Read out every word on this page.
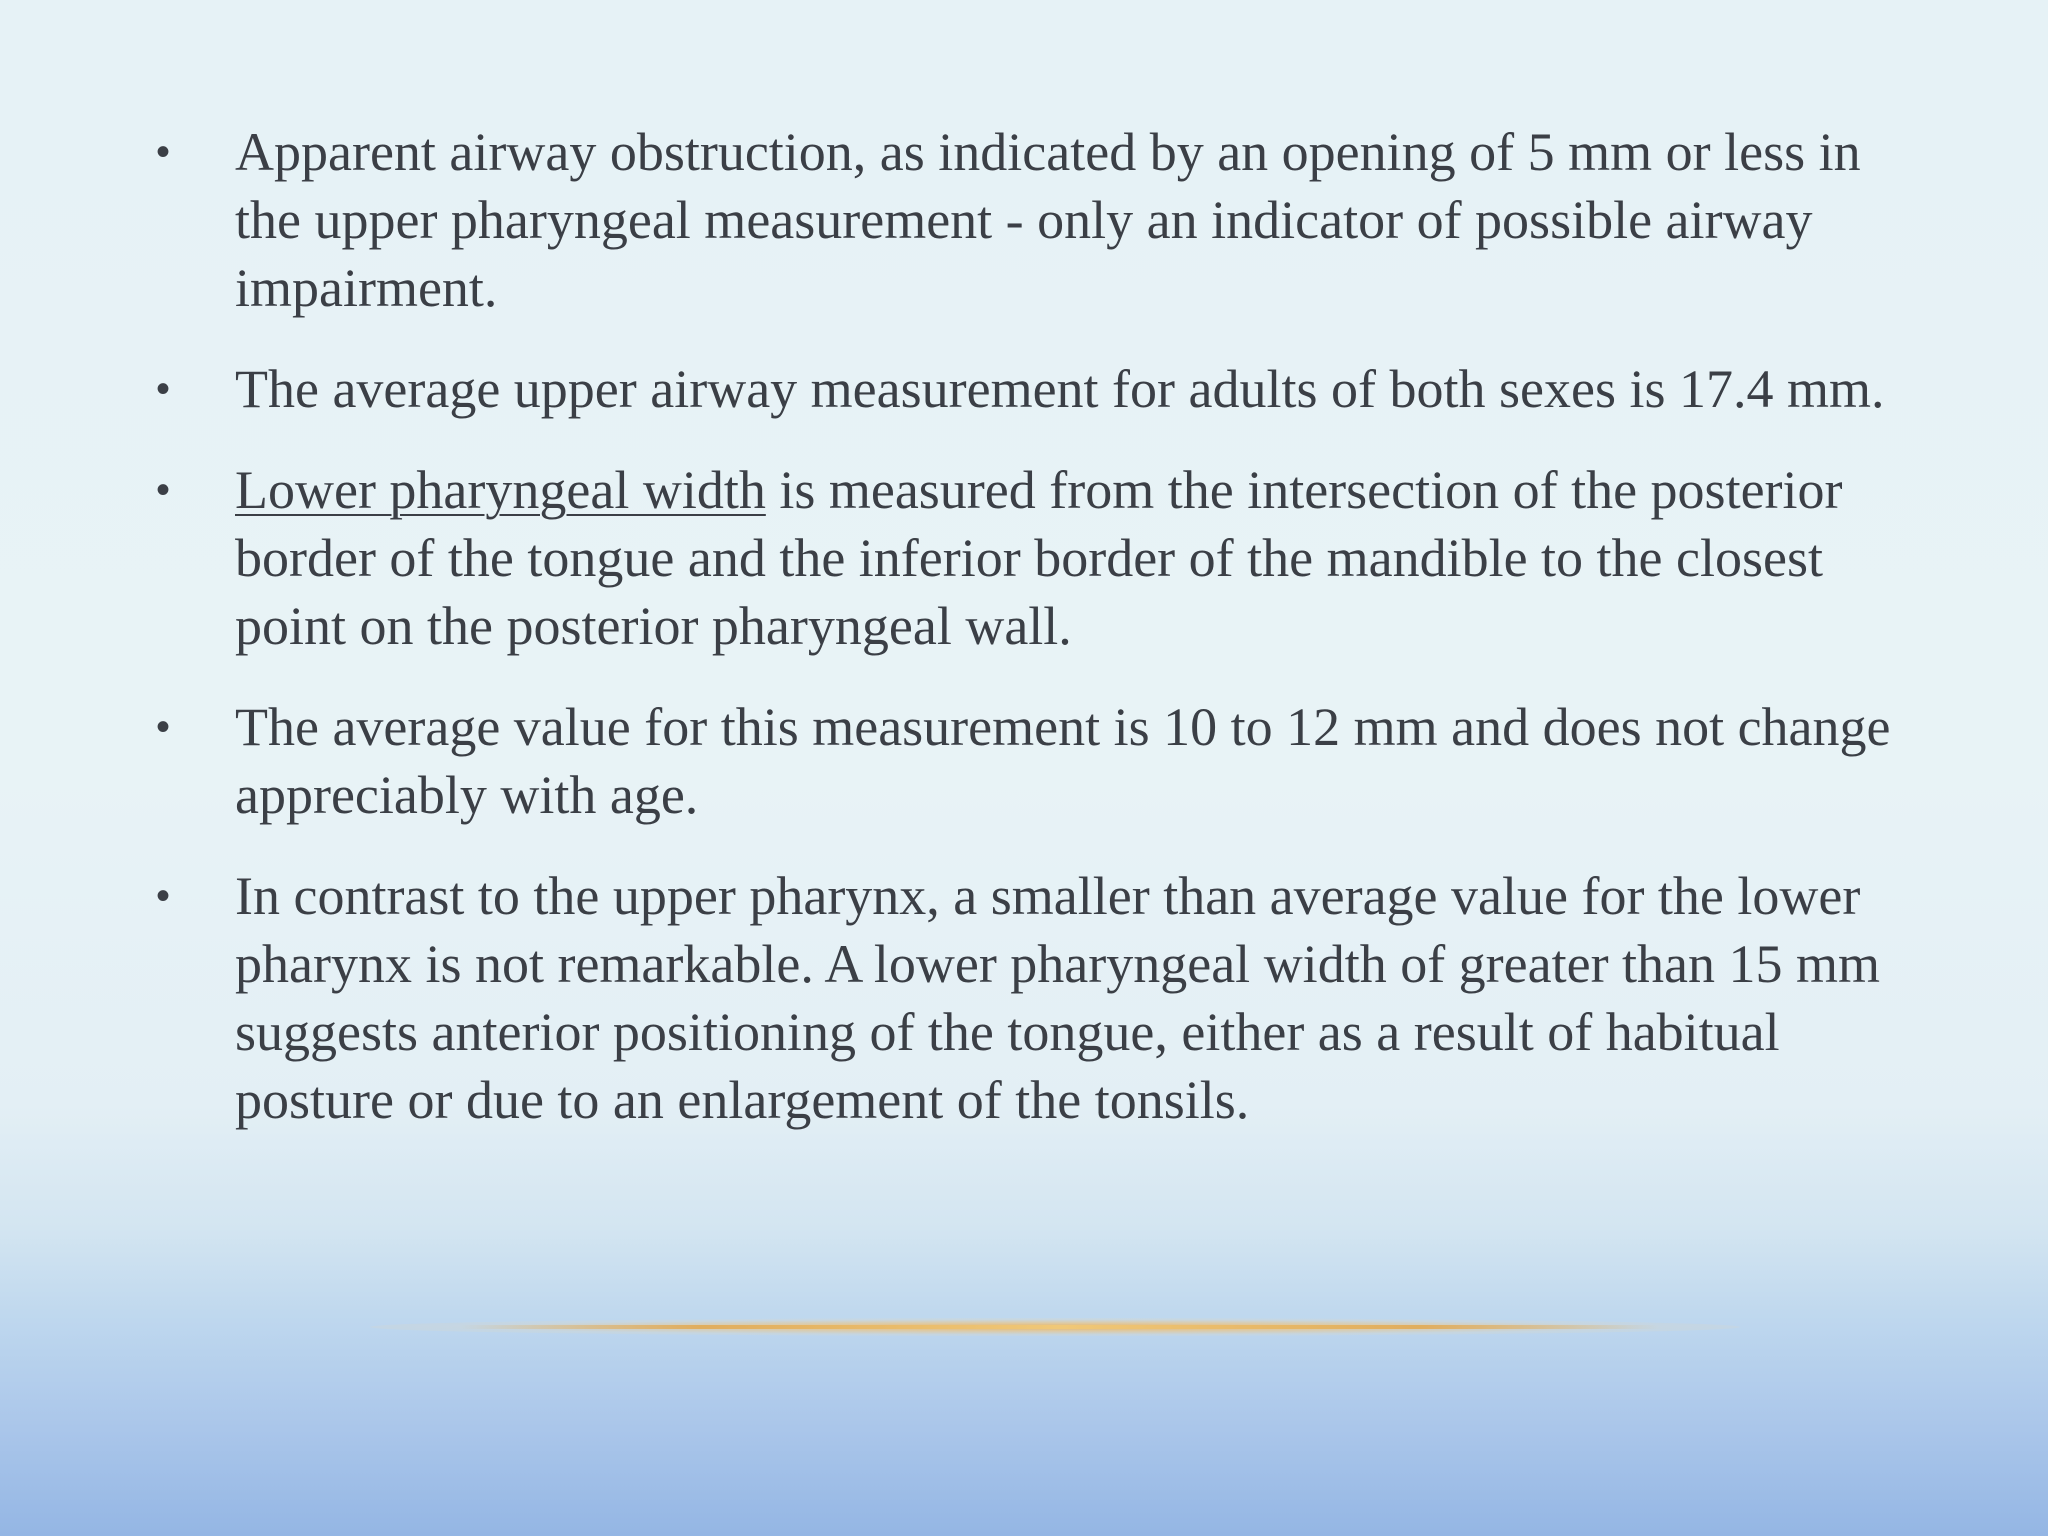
• Apparent airway obstruction, as indicated by an opening of 5 mm or less in the upper pharyngeal measurement - only an indicator of possible airway impairment.
• The average upper airway measurement for adults of both sexes is 17.4 mm.
• Lower pharyngeal width is measured from the intersection of the posterior border of the tongue and the inferior border of the mandible to the closest point on the posterior pharyngeal wall.
• The average value for this measurement is 10 to 12 mm and does not change appreciably with age.
• In contrast to the upper pharynx, a smaller than average value for the lower pharynx is not remarkable. A lower pharyngeal width of greater than 15 mm suggests anterior positioning of the tongue, either as a result of habitual posture or due to an enlargement of the tonsils.
